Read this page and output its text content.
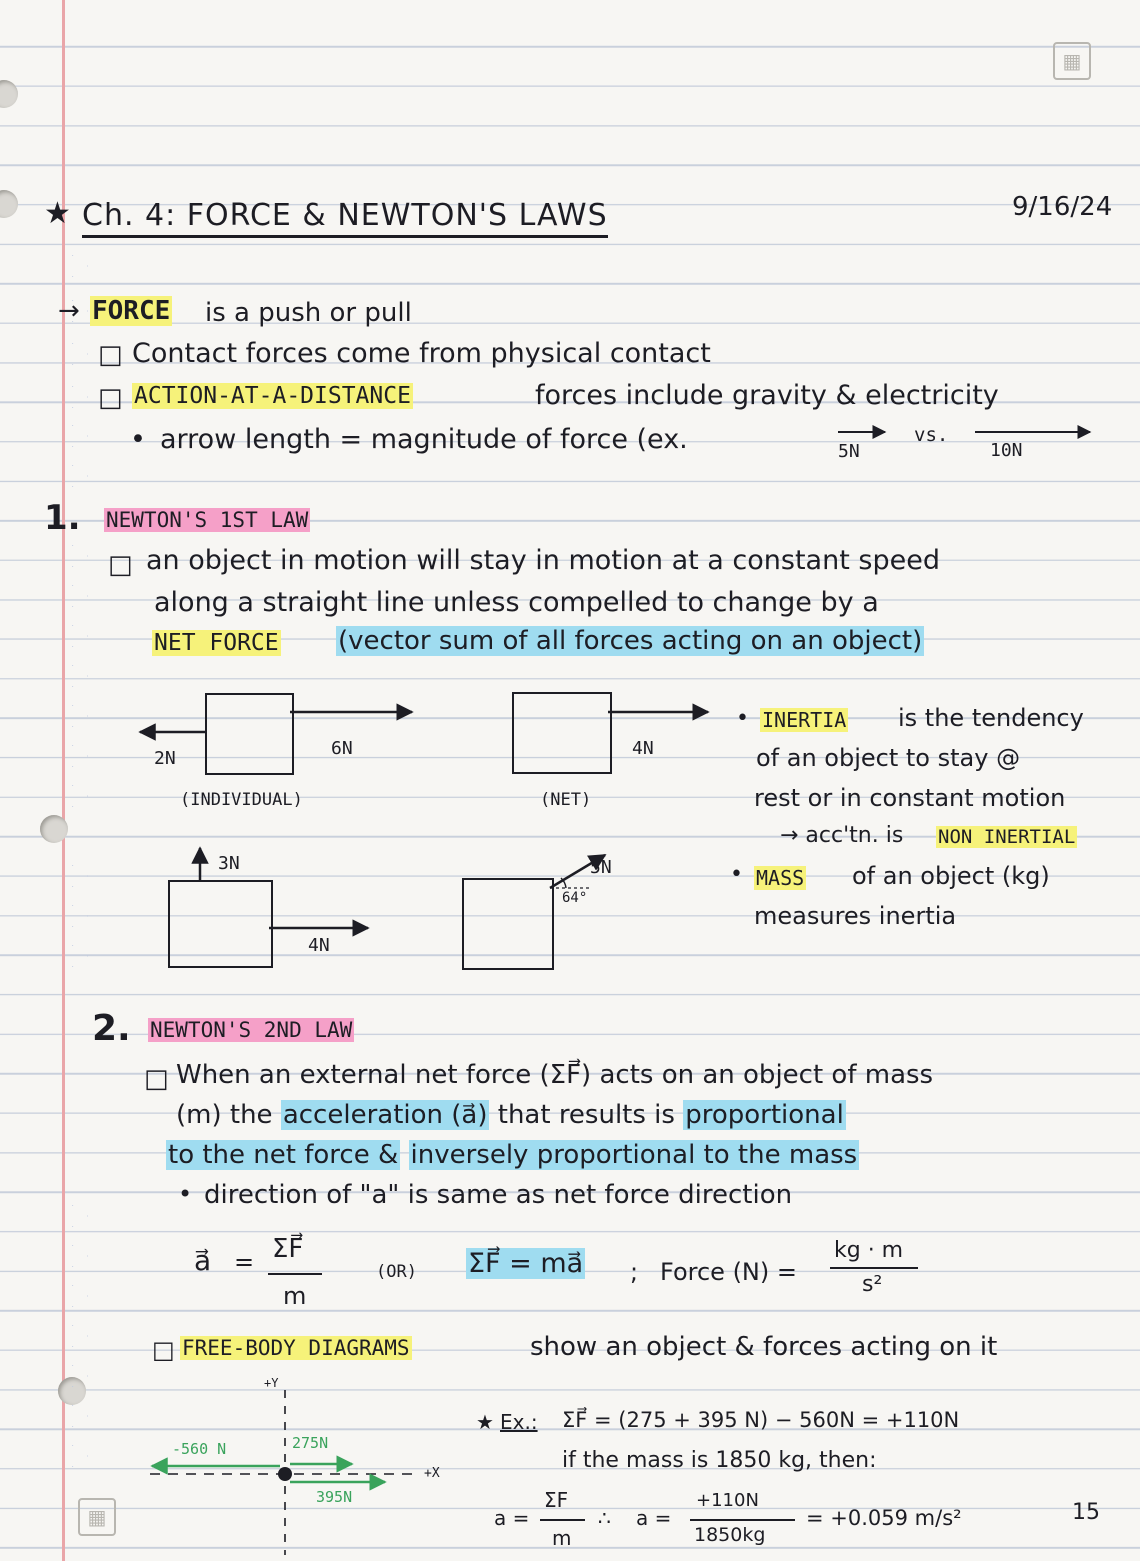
▦
▦
★ Ch. 4: FORCE & NEWTON'S LAWS	9/16/24
→ FORCE is a push or pull
□ Contact forces come from physical contact
□ ACTION-AT-A-DISTANCE	forces include gravity & electricity
• arrow length = magnitude of force (ex.	5N
vs.
10N
1. NEWTON'S 1ST LAW
□ an object in motion will stay in motion at a constant speed
along a straight line unless compelled to change by a
NET FORCE (vector sum of all forces acting on an object)
2N	6N
(INDIVIDUAL)
4N
(NET)
3N
4N
5N
64°
• INERTIA is the tendency
of an object to stay @
rest or in constant motion
→ acc'tn. is NON INERTIAL
• MASS of an object (kg)
measures inertia
2. NEWTON'S 2ND LAW
□ When an external net force (ΣF⃗) acts on an object of mass
(m) the acceleration (a⃗) that results is proportional
to the net force & inversely proportional to the mass
• direction of "a" is same as net force direction
a⃗ = ΣF⃗
m
(OR) ΣF⃗ = ma⃗ ; Force (N) =
kg · m
s²
□ FREE-BODY DIAGRAMS	show an object & forces acting on it
+Y
+X
-560 N	275N
395N
★ Ex.: ΣF⃗ = (275 + 395 N) − 560N = +110N
if the mass is 1850 kg, then:
a =
ΣF
m
∴ a =
+110N
1850kg
= +0.059 m/s²	15
